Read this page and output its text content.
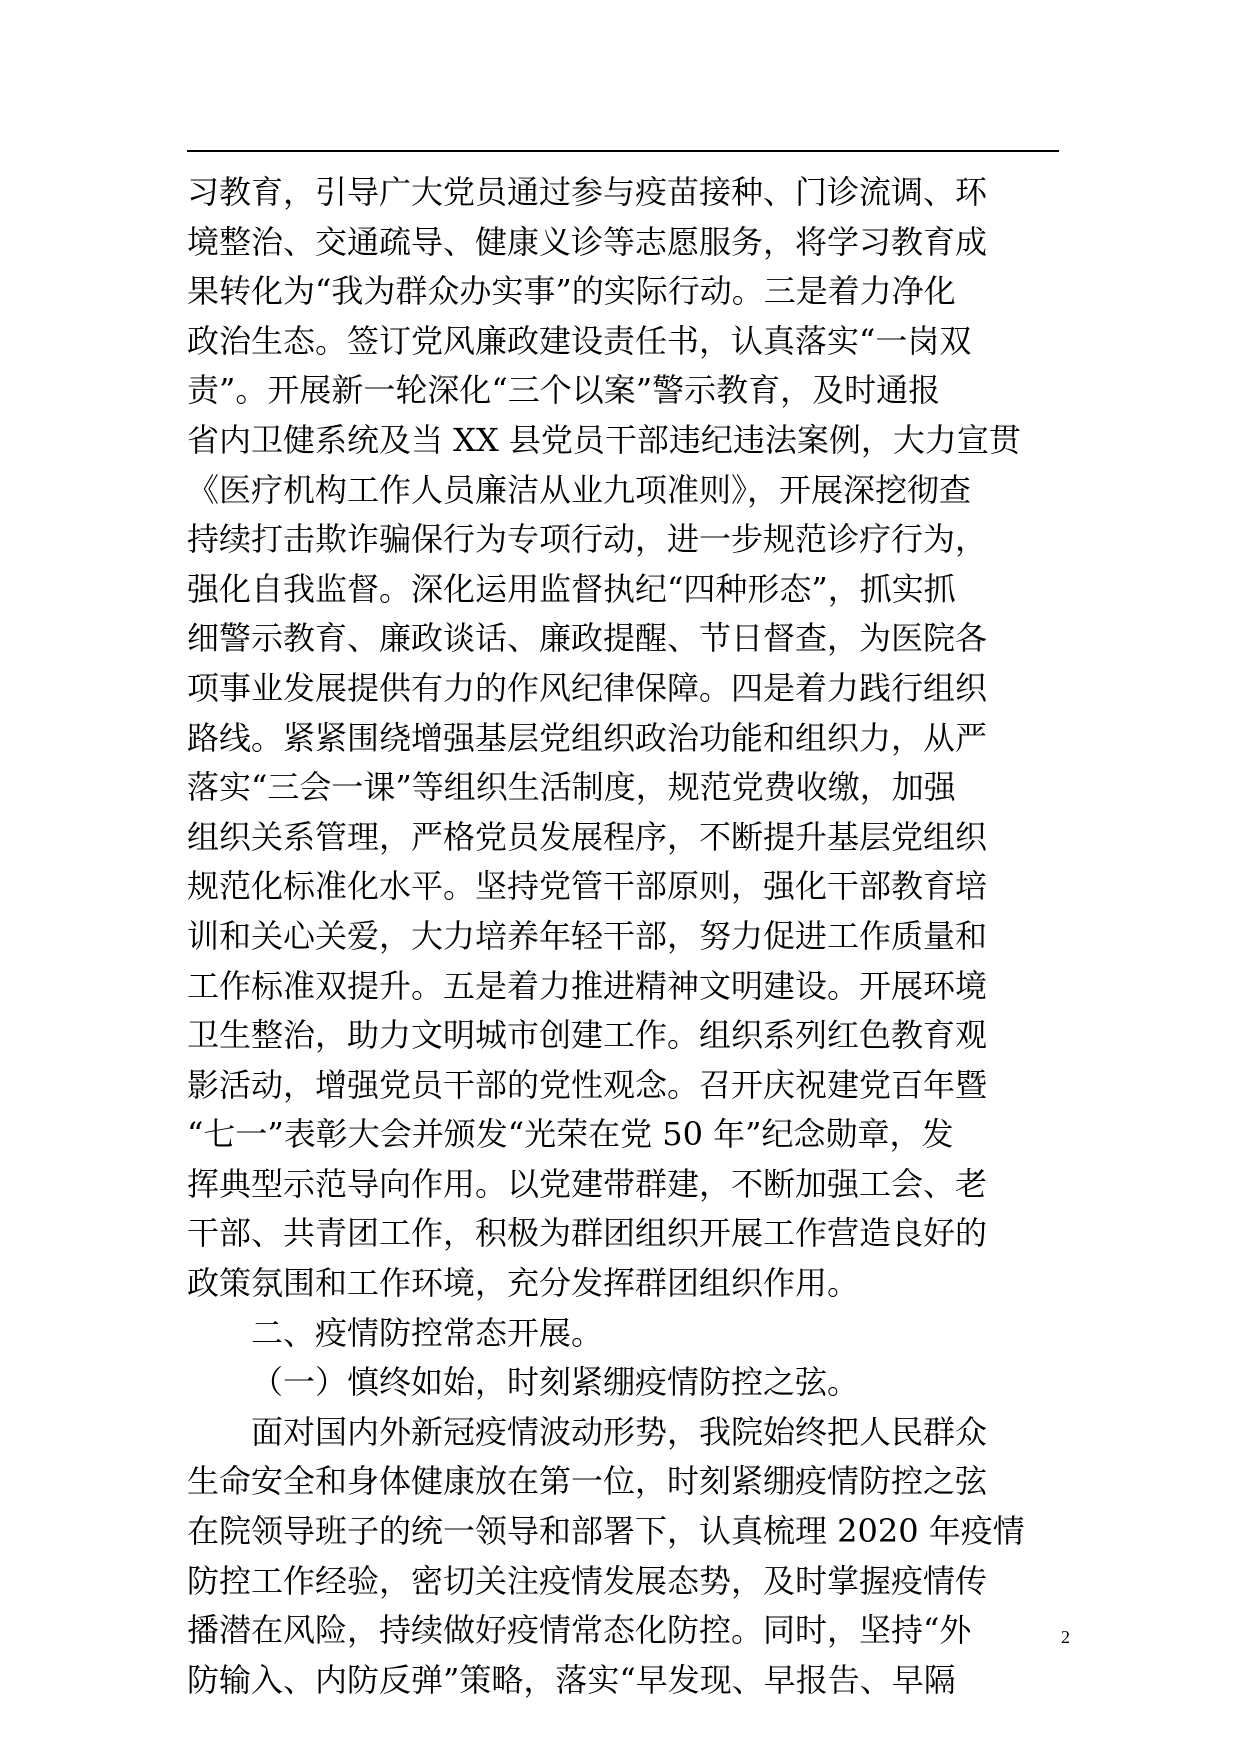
习教育，引导广大党员通过参与疫苗接种、门诊流调、环
境整治、交通疏导、健康义诊等志愿服务，将学习教育成
果转化为“我为群众办实事”的实际行动。三是着力净化
政治生态。签订党风廉政建设责任书，认真落实“一岗双
责”。开展新一轮深化“三个以案”警示教育，及时通报
省内卫健系统及当 XX 县党员干部违纪违法案例，大力宣贯
《医疗机构工作人员廉洁从业九项准则》，开展深挖彻查
持续打击欺诈骗保行为专项行动，进一步规范诊疗行为，
强化自我监督。深化运用监督执纪“四种形态”，抓实抓
细警示教育、廉政谈话、廉政提醒、节日督查，为医院各
项事业发展提供有力的作风纪律保障。四是着力践行组织
路线。紧紧围绕增强基层党组织政治功能和组织力，从严
落实“三会一课”等组织生活制度，规范党费收缴，加强
组织关系管理，严格党员发展程序，不断提升基层党组织
规范化标准化水平。坚持党管干部原则，强化干部教育培
训和关心关爱，大力培养年轻干部，努力促进工作质量和
工作标准双提升。五是着力推进精神文明建设。开展环境
卫生整治，助力文明城市创建工作。组织系列红色教育观
影活动，增强党员干部的党性观念。召开庆祝建党百年暨
“七一”表彰大会并颁发“光荣在党 50 年”纪念勋章，发
挥典型示范导向作用。以党建带群建，不断加强工会、老
干部、共青团工作，积极为群团组织开展工作营造良好的
政策氛围和工作环境，充分发挥群团组织作用。
二、疫情防控常态开展。
（一）慎终如始，时刻紧绷疫情防控之弦。
面对国内外新冠疫情波动形势，我院始终把人民群众
生命安全和身体健康放在第一位，时刻紧绷疫情防控之弦
在院领导班子的统一领导和部署下，认真梳理 2020 年疫情
防控工作经验，密切关注疫情发展态势，及时掌握疫情传
播潜在风险，持续做好疫情常态化防控。同时，坚持“外
防输入、内防反弹”策略，落实“早发现、早报告、早隔
2
